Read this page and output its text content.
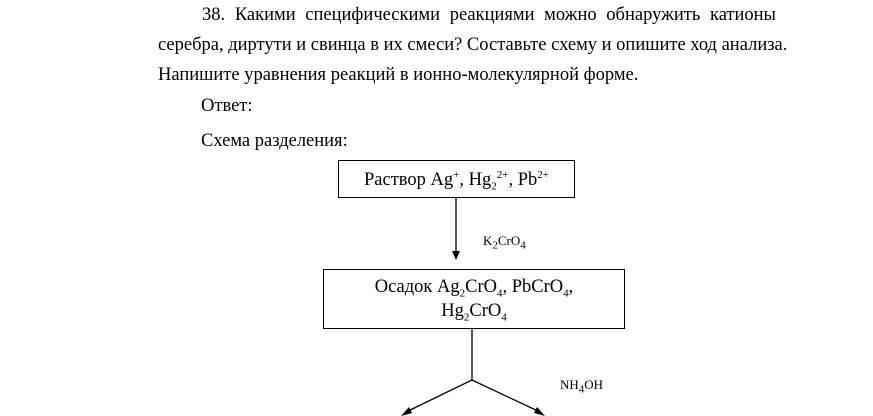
38. Какими специфическими реакциями можно обнаружить катионы
серебра, диртути и свинца в их смеси? Составьте схему и опишите ход анализа.
Напишите уравнения реакций в ионно-молекулярной форме.
Ответ:
Схема разделения:
Раствор Ag+, $Hg_2^{2+}$, $Pb^{2+}$
$K_2CrO_4$
Осадок $Ag_2CrO_4$, PbCrO$_4$,
$Hg_2CrO_4$
$NH_4OH$
